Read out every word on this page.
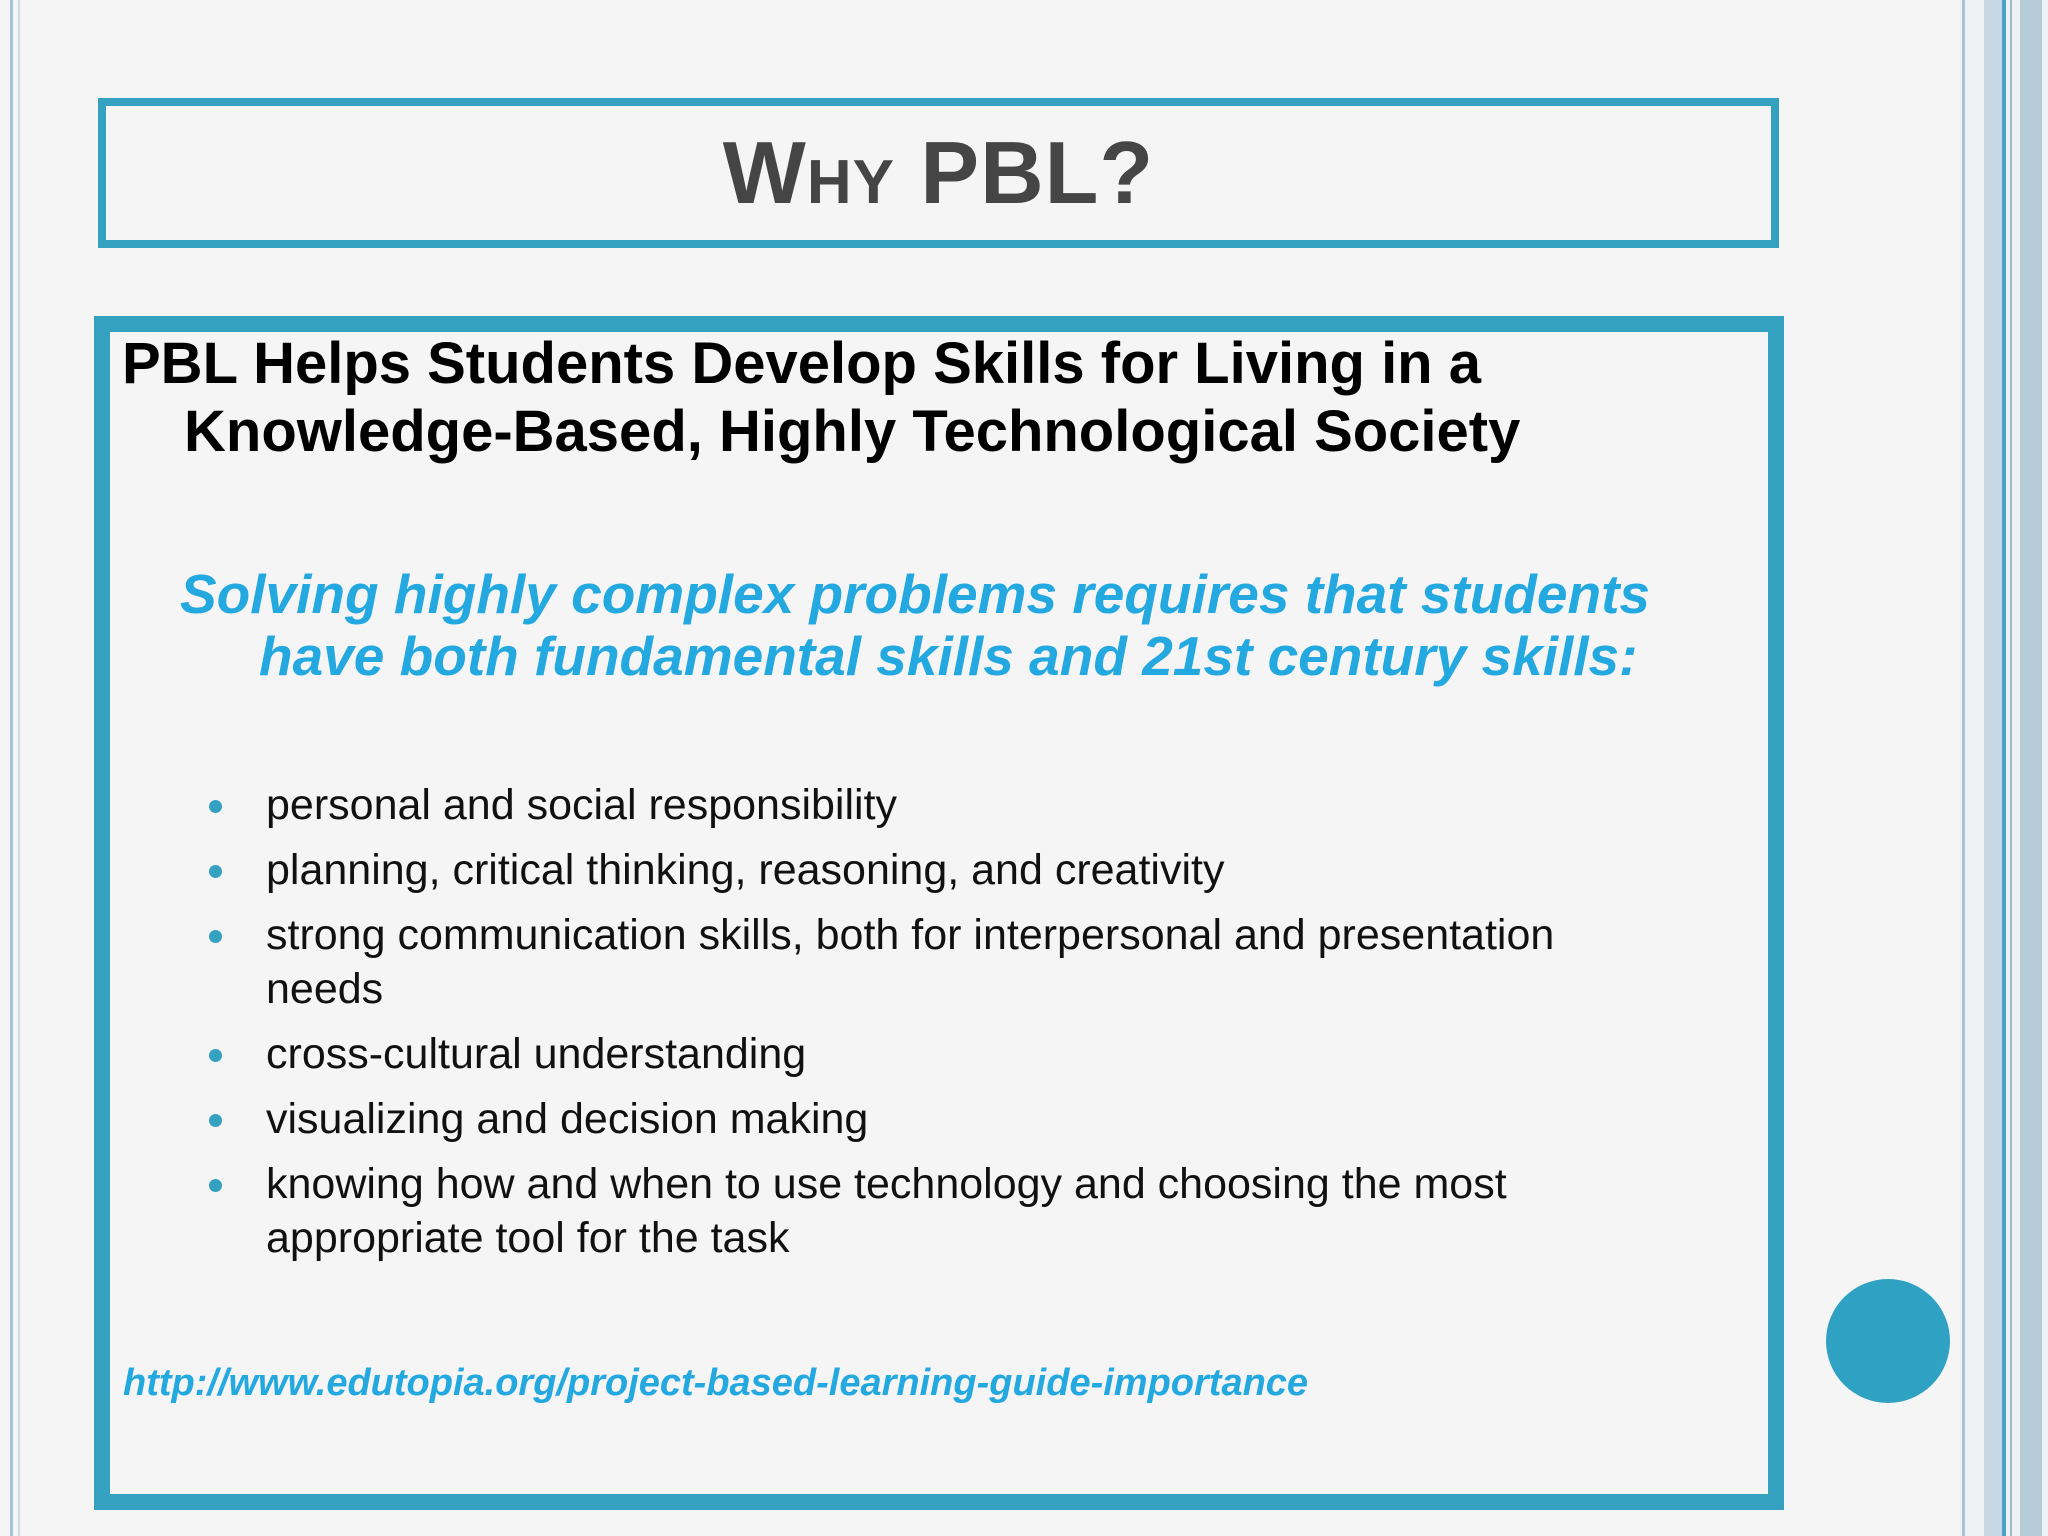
Why PBL?
PBL Helps Students Develop Skills for Living in a Knowledge-Based, Highly Technological Society
Solving highly complex problems requires that students have both fundamental skills and 21st century skills:
personal and social responsibility
planning, critical thinking, reasoning, and creativity
strong communication skills, both for interpersonal and presentation needs
cross-cultural understanding
visualizing and decision making
knowing how and when to use technology and choosing the most appropriate tool for the task
http://www.edutopia.org/project-based-learning-guide-importance
